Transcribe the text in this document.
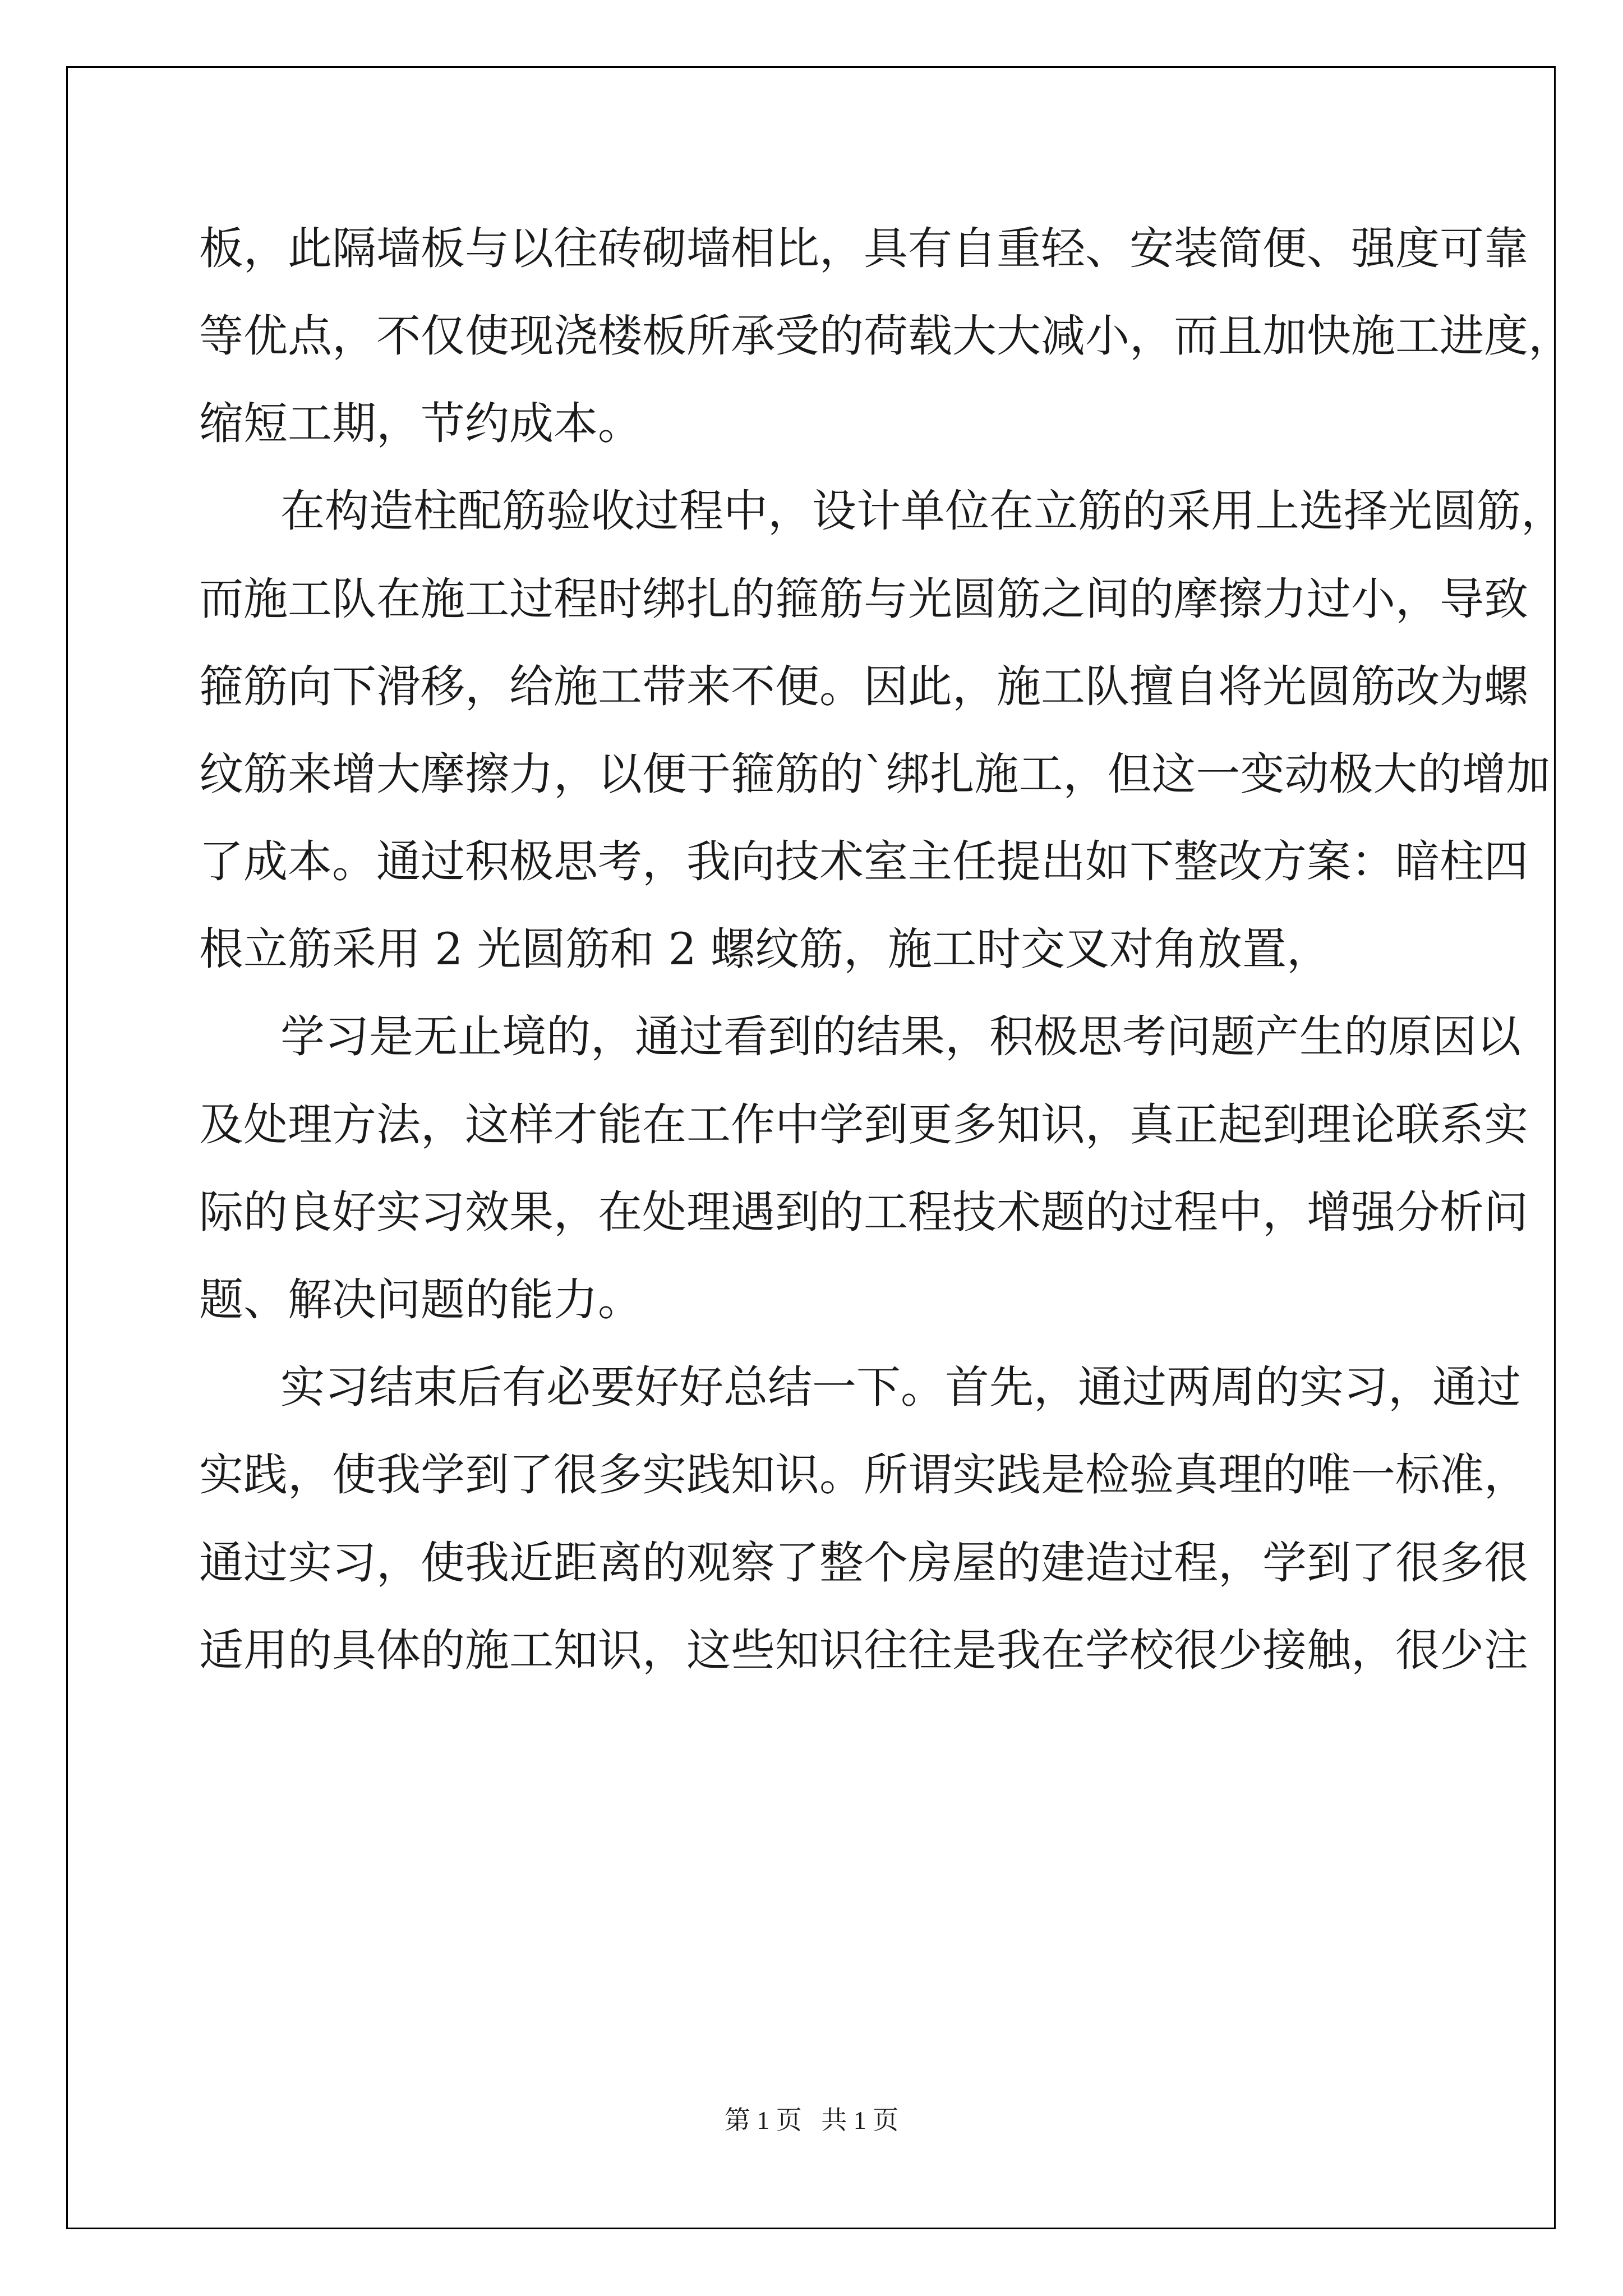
板，此隔墙板与以往砖砌墙相比，具有自重轻、安装简便、强度可靠
等优点，不仅使现浇楼板所承受的荷载大大减小，而且加快施工进度，
缩短工期，节约成本。
在构造柱配筋验收过程中，设计单位在立筋的采用上选择光圆筋，
而施工队在施工过程时绑扎的箍筋与光圆筋之间的摩擦力过小，导致
箍筋向下滑移，给施工带来不便。因此，施工队擅自将光圆筋改为螺
纹筋来增大摩擦力，以便于箍筋的`绑扎施工，但这一变动极大的增加
了成本。通过积极思考，我向技术室主任提出如下整改方案：暗柱四
根立筋采用 2 光圆筋和 2 螺纹筋，施工时交叉对角放置，
学习是无止境的，通过看到的结果，积极思考问题产生的原因以
及处理方法，这样才能在工作中学到更多知识，真正起到理论联系实
际的良好实习效果，在处理遇到的工程技术题的过程中，增强分析问
题、解决问题的能力。
实习结束后有必要好好总结一下。首先，通过两周的实习，通过
实践，使我学到了很多实践知识。所谓实践是检验真理的唯一标准，
通过实习，使我近距离的观察了整个房屋的建造过程，学到了很多很
适用的具体的施工知识，这些知识往往是我在学校很少接触，很少注
第 1 页   共 1 页
